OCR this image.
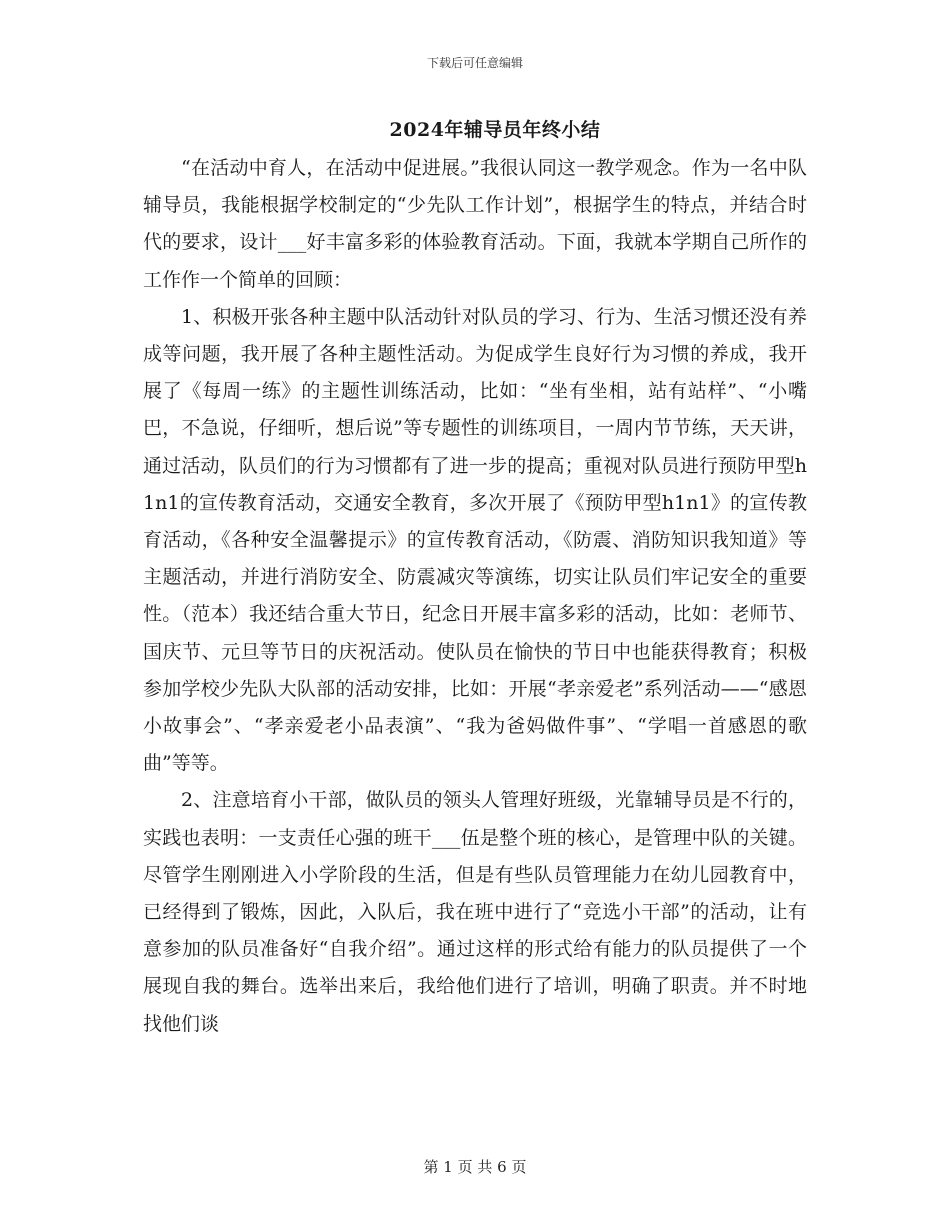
下载后可任意编辑
2024年辅导员年终小结

“在活动中育人，在活动中促进展。”我很认同这一教学观念。作为一名中队辅导员，我能根据学校制定的“少先队工作计划”，根据学生的特点，并结合时代的要求，设计___好丰富多彩的体验教育活动。下面，我就本学期自己所作的工作作一个简单的回顾：

1、积极开张各种主题中队活动针对队员的学习、行为、生活习惯还没有养成等问题，我开展了各种主题性活动。为促成学生良好行为习惯的养成，我开展了《每周一练》的主题性训练活动，比如：“坐有坐相，站有站样”、“小嘴巴，不急说，仔细听，想后说”等专题性的训练项目，一周内节节练，天天讲，通过活动，队员们的行为习惯都有了进一步的提高；重视对队员进行预防甲型h1n1的宣传教育活动，交通安全教育，多次开展了《预防甲型h1n1》的宣传教育活动，《各种安全温馨提示》的宣传教育活动，《防震、消防知识我知道》等主题活动，并进行消防安全、防震减灾等演练，切实让队员们牢记安全的重要性。（范本）我还结合重大节日，纪念日开展丰富多彩的活动，比如：老师节、国庆节、元旦等节日的庆祝活动。使队员在愉快的节日中也能获得教育；积极参加学校少先队大队部的活动安排，比如：开展“孝亲爱老”系列活动——“感恩小故事会”、“孝亲爱老小品表演”、“我为爸妈做件事”、“学唱一首感恩的歌曲”等等。

2、注意培育小干部，做队员的领头人管理好班级，光靠辅导员是不行的，实践也表明：一支责任心强的班干___伍是整个班的核心，是管理中队的关键。尽管学生刚刚进入小学阶段的生活，但是有些队员管理能力在幼儿园教育中，已经得到了锻炼，因此，入队后，我在班中进行了“竞选小干部”的活动，让有意参加的队员准备好“自我介绍”。通过这样的形式给有能力的队员提供了一个展现自我的舞台。选举出来后，我给他们进行了培训，明确了职责。并不时地找他们谈

第 1 页 共 6 页
